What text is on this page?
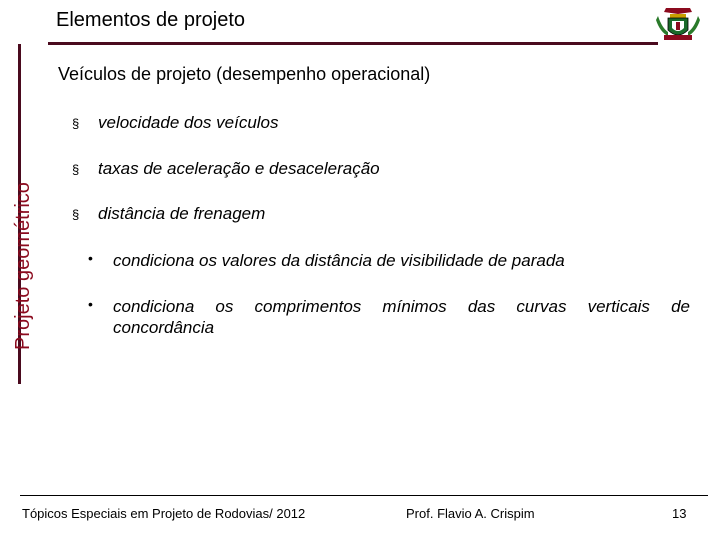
Elementos de projeto
Projeto geométrico
Veículos de projeto (desempenho operacional)
§ velocidade dos veículos
§ taxas de aceleração e desaceleração
§ distância de frenagem
•	condiciona os valores da distância de visibilidade de parada
•	condiciona os comprimentos mínimos das curvas verticais de
concordância
Tópicos Especiais em Projeto de Rodovias/ 2012	Prof. Flavio A. Crispim	13
